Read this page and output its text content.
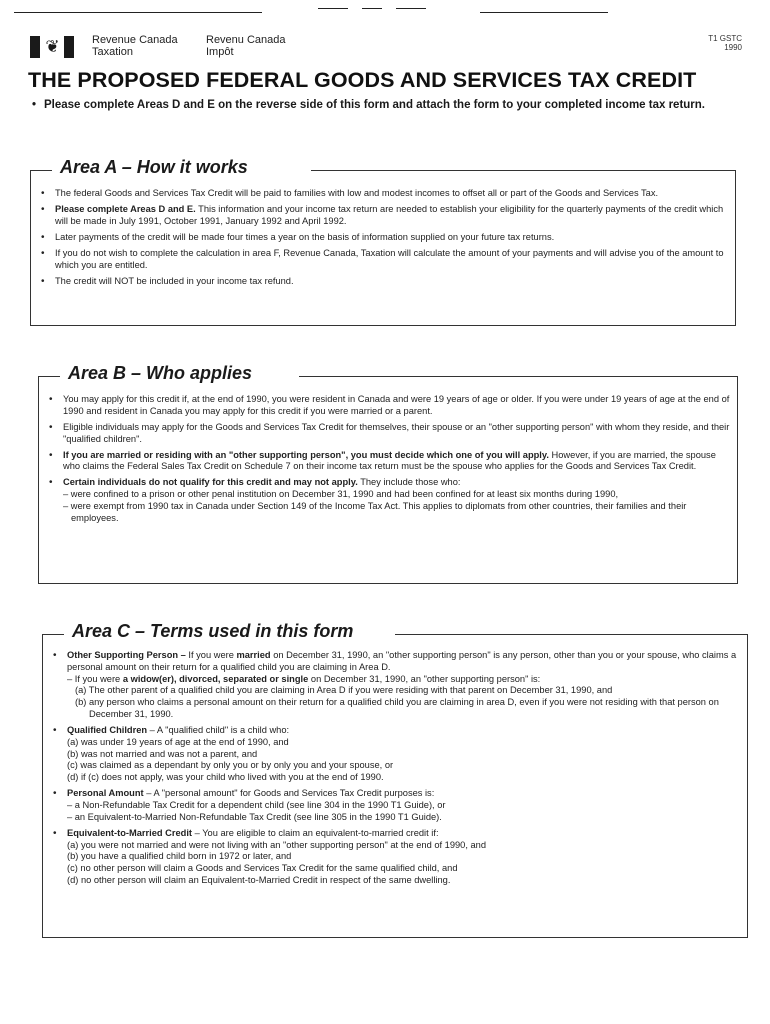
❦	Revenue Canada
Taxation
Revenu Canada
Impôt
T1 GSTC
1990
THE PROPOSED FEDERAL GOODS AND SERVICES TAX CREDIT
• Please complete Areas D and E on the reverse side of this form and attach the form to your completed income tax return.
Area A – How it works
• The federal Goods and Services Tax Credit will be paid to families with low and modest incomes to offset all or part of the Goods and Services Tax.
• Please complete Areas D and E. This information and your income tax return are needed to establish your eligibility for the quarterly payments of the credit which will be made in July 1991, October 1991, January 1992 and April 1992.
• Later payments of the credit will be made four times a year on the basis of information supplied on your future tax returns.
• If you do not wish to complete the calculation in area F, Revenue Canada, Taxation will calculate the amount of your payments and will advise you of the amount to which you are entitled.
• The credit will NOT be included in your income tax refund.
Area B – Who applies
• You may apply for this credit if, at the end of 1990, you were resident in Canada and were 19 years of age or older. If you were under 19 years of age at the end of 1990 and resident in Canada you may apply for this credit if you were married or a parent.
• Eligible individuals may apply for the Goods and Services Tax Credit for themselves, their spouse or an "other supporting person" with whom they reside, and their "qualified children".
• If you are married or residing with an "other supporting person", you must decide which one of you will apply. However, if you are married, the spouse who claims the Federal Sales Tax Credit on Schedule 7 on their income tax return must be the spouse who applies for the Goods and Services Tax Credit.
• Certain individuals do not qualify for this credit and may not apply. They include those who:
– were confined to a prison or other penal institution on December 31, 1990 and had been confined for at least six months during 1990,
– were exempt from 1990 tax in Canada under Section 149 of the Income Tax Act. This applies to diplomats from other countries, their families and their employees.
Area C – Terms used in this form
• Other Supporting Person – If you were married on December 31, 1990, an "other supporting person" is any person, other than you or your spouse, who claims a personal amount on their return for a qualified child you are claiming in Area D.
– If you were a widow(er), divorced, separated or single on December 31, 1990, an "other supporting person" is:
(a) The other parent of a qualified child you are claiming in Area D if you were residing with that parent on December 31, 1990, and
(b) any person who claims a personal amount on their return for a qualified child you are claiming in area D, even if you were not residing with that person on December 31, 1990.
• Qualified Children – A "qualified child" is a child who:
(a) was under 19 years of age at the end of 1990, and
(b) was not married and was not a parent, and
(c) was claimed as a dependant by only you or by only you and your spouse, or
(d) if (c) does not apply, was your child who lived with you at the end of 1990.
• Personal Amount – A "personal amount" for Goods and Services Tax Credit purposes is:
– a Non-Refundable Tax Credit for a dependent child (see line 304 in the 1990 T1 Guide), or
– an Equivalent-to-Married Non-Refundable Tax Credit (see line 305 in the 1990 T1 Guide).
• Equivalent-to-Married Credit – You are eligible to claim an equivalent-to-married credit if:
(a) you were not married and were not living with an "other supporting person" at the end of 1990, and
(b) you have a qualified child born in 1972 or later, and
(c) no other person will claim a Goods and Services Tax Credit for the same qualified child, and
(d) no other person will claim an Equivalent-to-Married Credit in respect of the same dwelling.
